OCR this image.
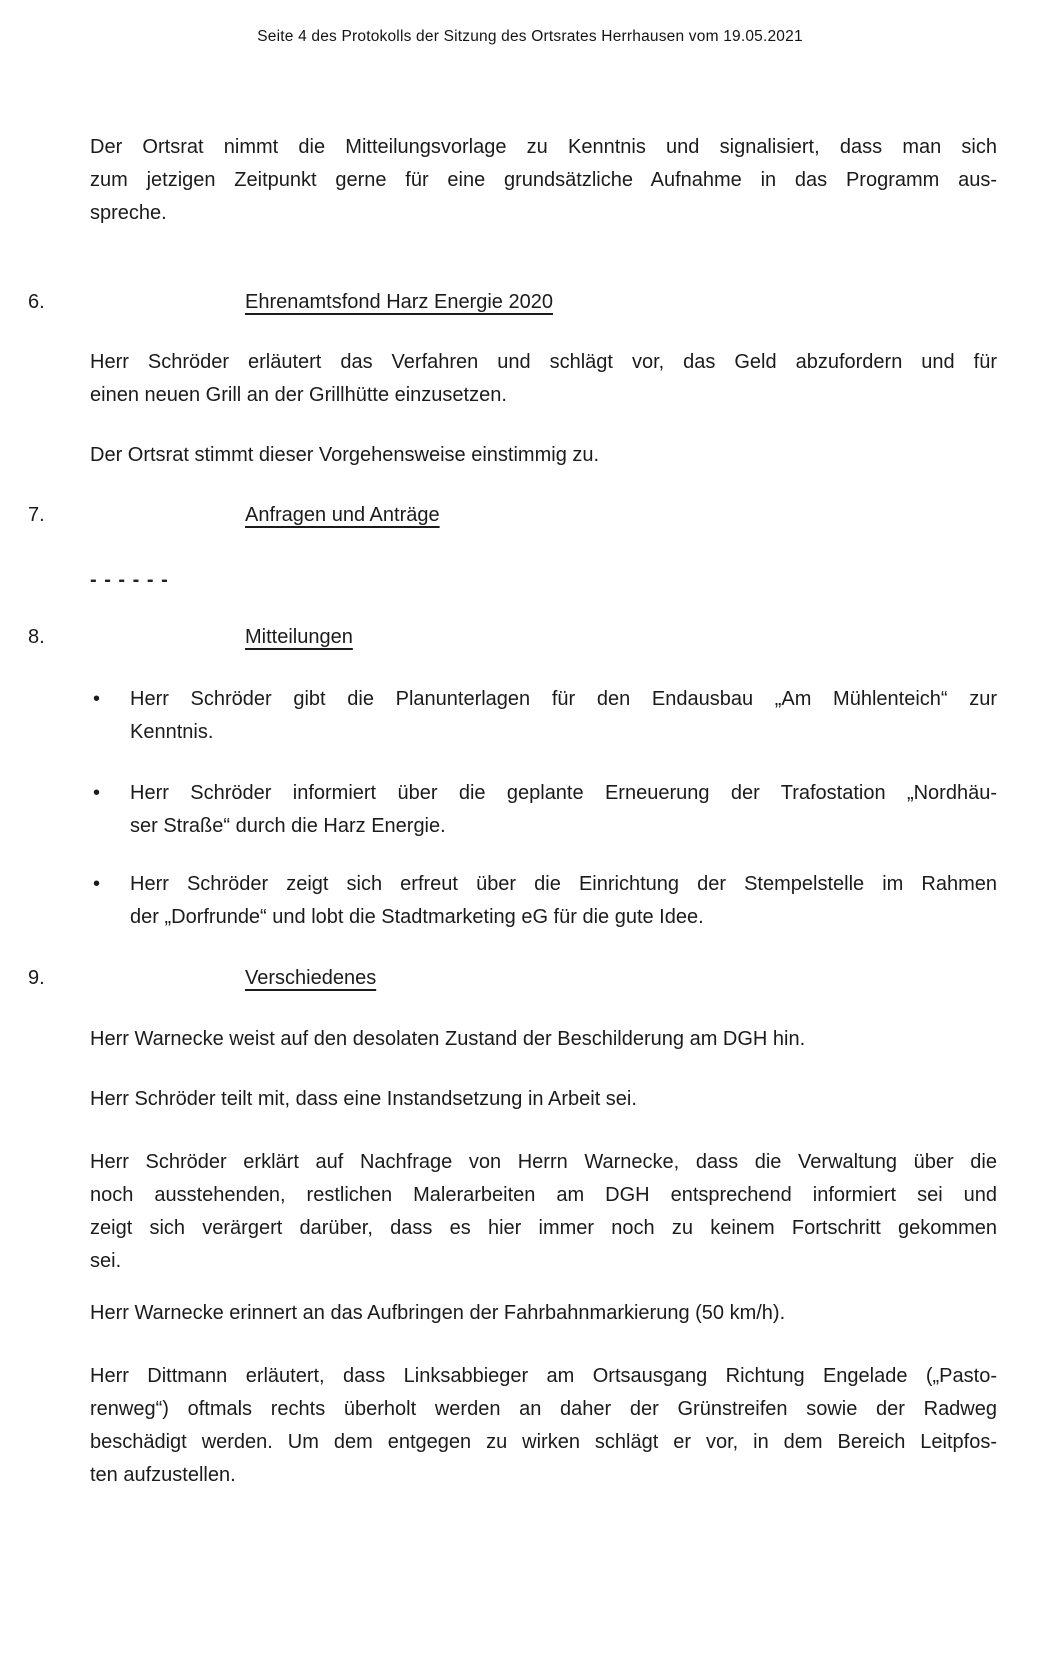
Seite 4 des Protokolls der Sitzung des Ortsrates Herrhausen vom 19.05.2021
Der Ortsrat nimmt die Mitteilungsvorlage zu Kenntnis und signalisiert, dass man sich
zum jetzigen Zeitpunkt gerne für eine grundsätzliche Aufnahme in das Programm aus-
spreche.
6.	Ehrenamtsfond Harz Energie 2020
Herr Schröder erläutert das Verfahren und schlägt vor, das Geld abzufordern und für
einen neuen Grill an der Grillhütte einzusetzen.
Der Ortsrat stimmt dieser Vorgehensweise einstimmig zu.
7.	Anfragen und Anträge
- - - - - -
8.	Mitteilungen
•	Herr Schröder gibt die Planunterlagen für den Endausbau „Am Mühlenteich“ zur
Kenntnis.
•	Herr Schröder informiert über die geplante Erneuerung der Trafostation „Nordhäu-
ser Straße“ durch die Harz Energie.
•	Herr Schröder zeigt sich erfreut über die Einrichtung der Stempelstelle im Rahmen
der „Dorfrunde“ und lobt die Stadtmarketing eG für die gute Idee.
9.	Verschiedenes
Herr Warnecke weist auf den desolaten Zustand der Beschilderung am DGH hin.
Herr Schröder teilt mit, dass eine Instandsetzung in Arbeit sei.
Herr Schröder erklärt auf Nachfrage von Herrn Warnecke, dass die Verwaltung über die
noch ausstehenden, restlichen Malerarbeiten am DGH entsprechend informiert sei und
zeigt sich verärgert darüber, dass es hier immer noch zu keinem Fortschritt gekommen
sei.
Herr Warnecke erinnert an das Aufbringen der Fahrbahnmarkierung (50 km/h).
Herr Dittmann erläutert, dass Linksabbieger am Ortsausgang Richtung Engelade („Pasto-
renweg“) oftmals rechts überholt werden an daher der Grünstreifen sowie der Radweg
beschädigt werden. Um dem entgegen zu wirken schlägt er vor, in dem Bereich Leitpfos-
ten aufzustellen.
